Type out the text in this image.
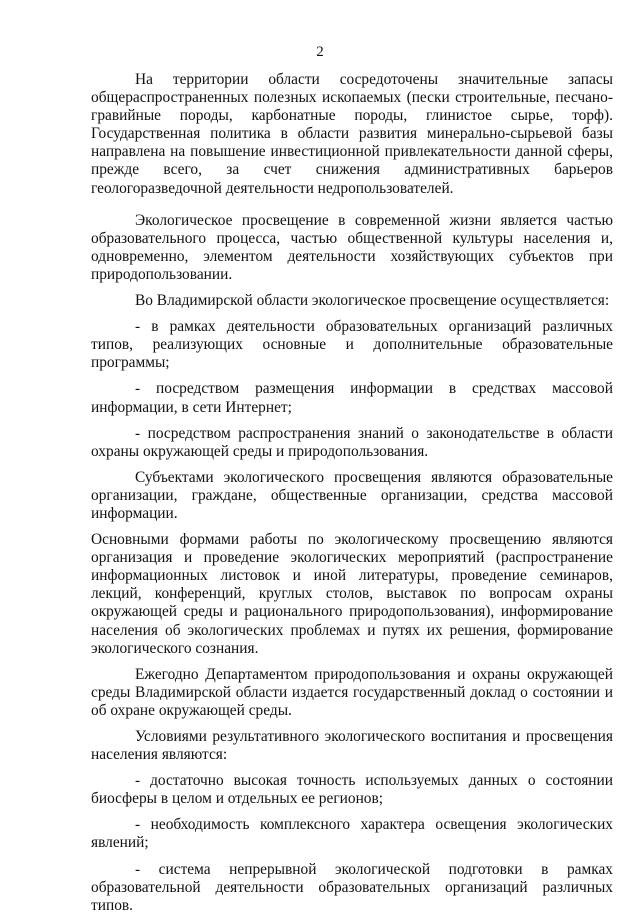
2

На территории области сосредоточены значительные запасы общераспространенных полезных ископаемых (пески строительные, песчано-гравийные породы, карбонатные породы, глинистое сырье, торф). Государственная политика в области развития минерально-сырьевой базы направлена на повышение инвестиционной привлекательности данной сферы, прежде всего, за счет снижения административных барьеров геологоразведочной деятельности недропользователей.

Экологическое просвещение в современной жизни является частью образовательного процесса, частью общественной культуры населения и, одновременно, элементом деятельности хозяйствующих субъектов при природопользовании.

Во Владимирской области экологическое просвещение осуществляется:

- в рамках деятельности образовательных организаций различных типов, реализующих основные и дополнительные образовательные программы;

- посредством размещения информации в средствах массовой информации, в сети Интернет;

- посредством распространения знаний о законодательстве в области охраны окружающей среды и природопользования.

Субъектами экологического просвещения являются образовательные организации, граждане, общественные организации, средства массовой информации.

Основными формами работы по экологическому просвещению являются организация и проведение экологических мероприятий (распространение информационных листовок и иной литературы, проведение семинаров, лекций, конференций, круглых столов, выставок по вопросам охраны окружающей среды и рационального природопользования), информирование населения об экологических проблемах и путях их решения, формирование экологического сознания.

Ежегодно Департаментом природопользования и охраны окружающей среды Владимирской области издается государственный доклад о состоянии и об охране окружающей среды.

Условиями результативного экологического воспитания и просвещения населения являются:

- достаточно высокая точность используемых данных о состоянии биосферы в целом и отдельных ее регионов;

- необходимость комплексного характера освещения экологических явлений;

- система непрерывной экологической подготовки в рамках образовательной деятельности образовательных организаций различных типов.
